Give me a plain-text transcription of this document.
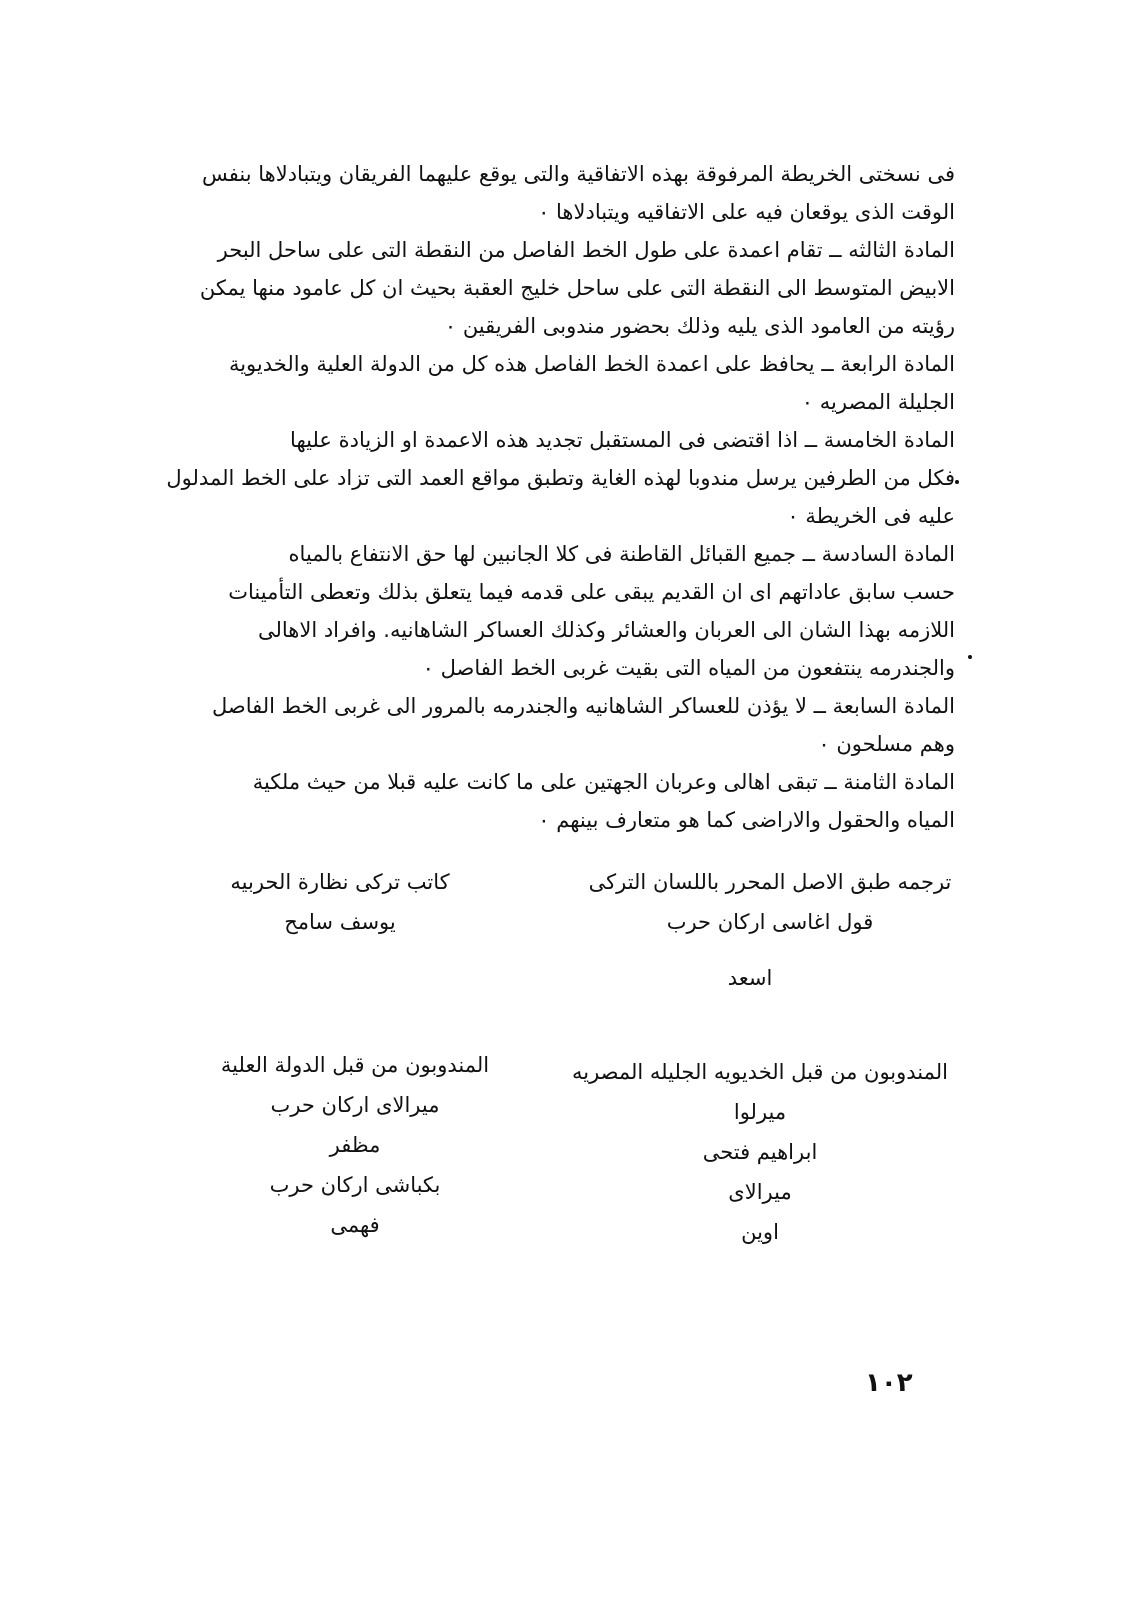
فى نسختى الخريطة المرفوقة بهذه الاتفاقية والتى يوقع عليهما الفريقان ويتبادلاها بنفس
الوقت الذى يوقعان فيه على الاتفاقيه ويتبادلاها ٠
المادة الثالثه ــ تقام اعمدة على طول الخط الفاصل من النقطة التى على ساحل البحر
الابيض المتوسط الى النقطة التى على ساحل خليج العقبة بحيث ان كل عامود منها يمكن
رؤيته من العامود الذى يليه وذلك بحضور مندوبى الفريقين ٠
المادة الرابعة ــ يحافظ على اعمدة الخط الفاصل هذه كل من الدولة العلية والخديوية
الجليلة المصريه ٠
المادة الخامسة ــ اذا اقتضى فى المستقبل تجديد هذه الاعمدة او الزيادة عليها
فكل من الطرفين يرسل مندوبا لهذه الغاية وتطبق مواقع العمد التى تزاد على الخط المدلول
عليه فى الخريطة ٠
المادة السادسة ــ جميع القبائل القاطنة فى كلا الجانبين لها حق الانتفاع بالمياه
حسب سابق عاداتهم اى ان القديم يبقى على قدمه فيما يتعلق بذلك وتعطى التأمينات
اللازمه بهذا الشان الى العربان والعشائر وكذلك العساكر الشاهانيه. وافراد الاهالى
والجندرمه ينتفعون من المياه التى بقيت غربى الخط الفاصل ٠
المادة السابعة ــ لا يؤذن للعساكر الشاهانيه والجندرمه بالمرور الى غربى الخط الفاصل
وهم مسلحون ٠
المادة الثامنة ــ تبقى اهالى وعربان الجهتين على ما كانت عليه قبلا من حيث ملكية
المياه والحقول والاراضى كما هو متعارف بينهم ٠
ترجمه طبق الاصل المحرر باللسان التركى
قول اغاسى اركان حرب
كاتب تركى نظارة الحربيه
يوسف سامح
اسعد
المندوبون من قبل الخديويه الجليله المصريه
ميرلوا
ابراهيم فتحى
ميرالاى
اوين
المندوبون من قبل الدولة العلية
ميرالاى اركان حرب
مظفر
بكباشى اركان حرب
فهمى
١٠٢
